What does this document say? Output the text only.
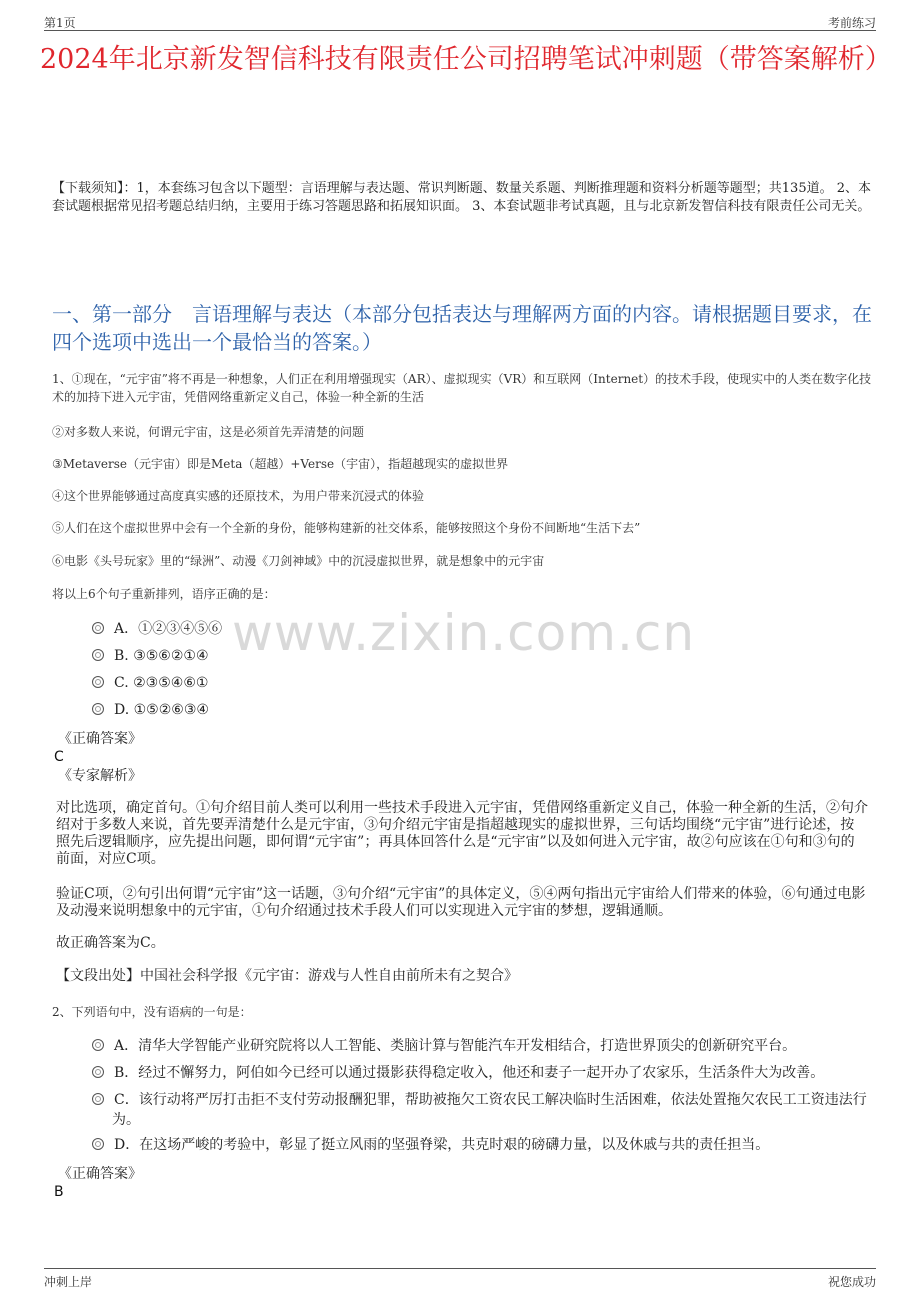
第1页	考前练习
2024年北京新发智信科技有限责任公司招聘笔试冲刺题（带答案解析）
【下载须知】：1，本套练习包含以下题型：言语理解与表达题、常识判断题、数量关系题、判断推理题和资料分析题等题型；共135道。 2、本套试题根据常见招考题总结归纳，主要用于练习答题思路和拓展知识面。 3、本套试题非考试真题，且与北京新发智信科技有限责任公司无关。
一、第一部分　言语理解与表达（本部分包括表达与理解两方面的内容。请根据题目要求，在四个选项中选出一个最恰当的答案。）
1、①现在，“元宇宙”将不再是一种想象，人们正在利用增强现实（AR）、虚拟现实（VR）和互联网（Internet）的技术手段，使现实中的人类在数字化技术的加持下进入元宇宙，凭借网络重新定义自己，体验一种全新的生活
②对多数人来说，何谓元宇宙，这是必须首先弄清楚的问题
③Metaverse（元宇宙）即是Meta（超越）+Verse（宇宙），指超越现实的虚拟世界
④这个世界能够通过高度真实感的还原技术，为用户带来沉浸式的体验
⑤人们在这个虚拟世界中会有一个全新的身份，能够构建新的社交体系，能够按照这个身份不间断地“生活下去”
⑥电影《头号玩家》里的“绿洲”、动漫《刀剑神域》中的沉浸虚拟世界，就是想象中的元宇宙
将以上6个句子重新排列，语序正确的是：
www.zixin.com.cn
A．①②③④⑤⑥
B. ③⑤⑥②①④
C. ②③⑤④⑥①
D. ①⑤②⑥③④
《正确答案》
C
《专家解析》
对比选项，确定首句。①句介绍目前人类可以利用一些技术手段进入元宇宙，凭借网络重新定义自己，体验一种全新的生活，②句介绍对于多数人来说，首先要弄清楚什么是元宇宙，③句介绍元宇宙是指超越现实的虚拟世界，三句话均围绕“元宇宙”进行论述，按照先后逻辑顺序，应先提出问题，即何谓“元宇宙”；再具体回答什么是“元宇宙”以及如何进入元宇宙，故②句应该在①句和③句的前面，对应C项。
验证C项，②句引出何谓“元宇宙”这一话题，③句介绍“元宇宙”的具体定义，⑤④两句指出元宇宙给人们带来的体验，⑥句通过电影及动漫来说明想象中的元宇宙，①句介绍通过技术手段人们可以实现进入元宇宙的梦想，逻辑通顺。
故正确答案为C。
【文段出处】中国社会科学报《元宇宙：游戏与人性自由前所未有之契合》
2、下列语句中，没有语病的一句是：
A．清华大学智能产业研究院将以人工智能、类脑计算与智能汽车开发相结合，打造世界顶尖的创新研究平台。
B．经过不懈努力，阿伯如今已经可以通过摄影获得稳定收入，他还和妻子一起开办了农家乐，生活条件大为改善。
C．该行动将严厉打击拒不支付劳动报酬犯罪，帮助被拖欠工资农民工解决临时生活困难，依法处置拖欠农民工工资违法行为。
D．在这场严峻的考验中，彰显了挺立风雨的坚强脊梁，共克时艰的磅礴力量，以及休戚与共的责任担当。
《正确答案》
B
冲刺上岸	祝您成功
